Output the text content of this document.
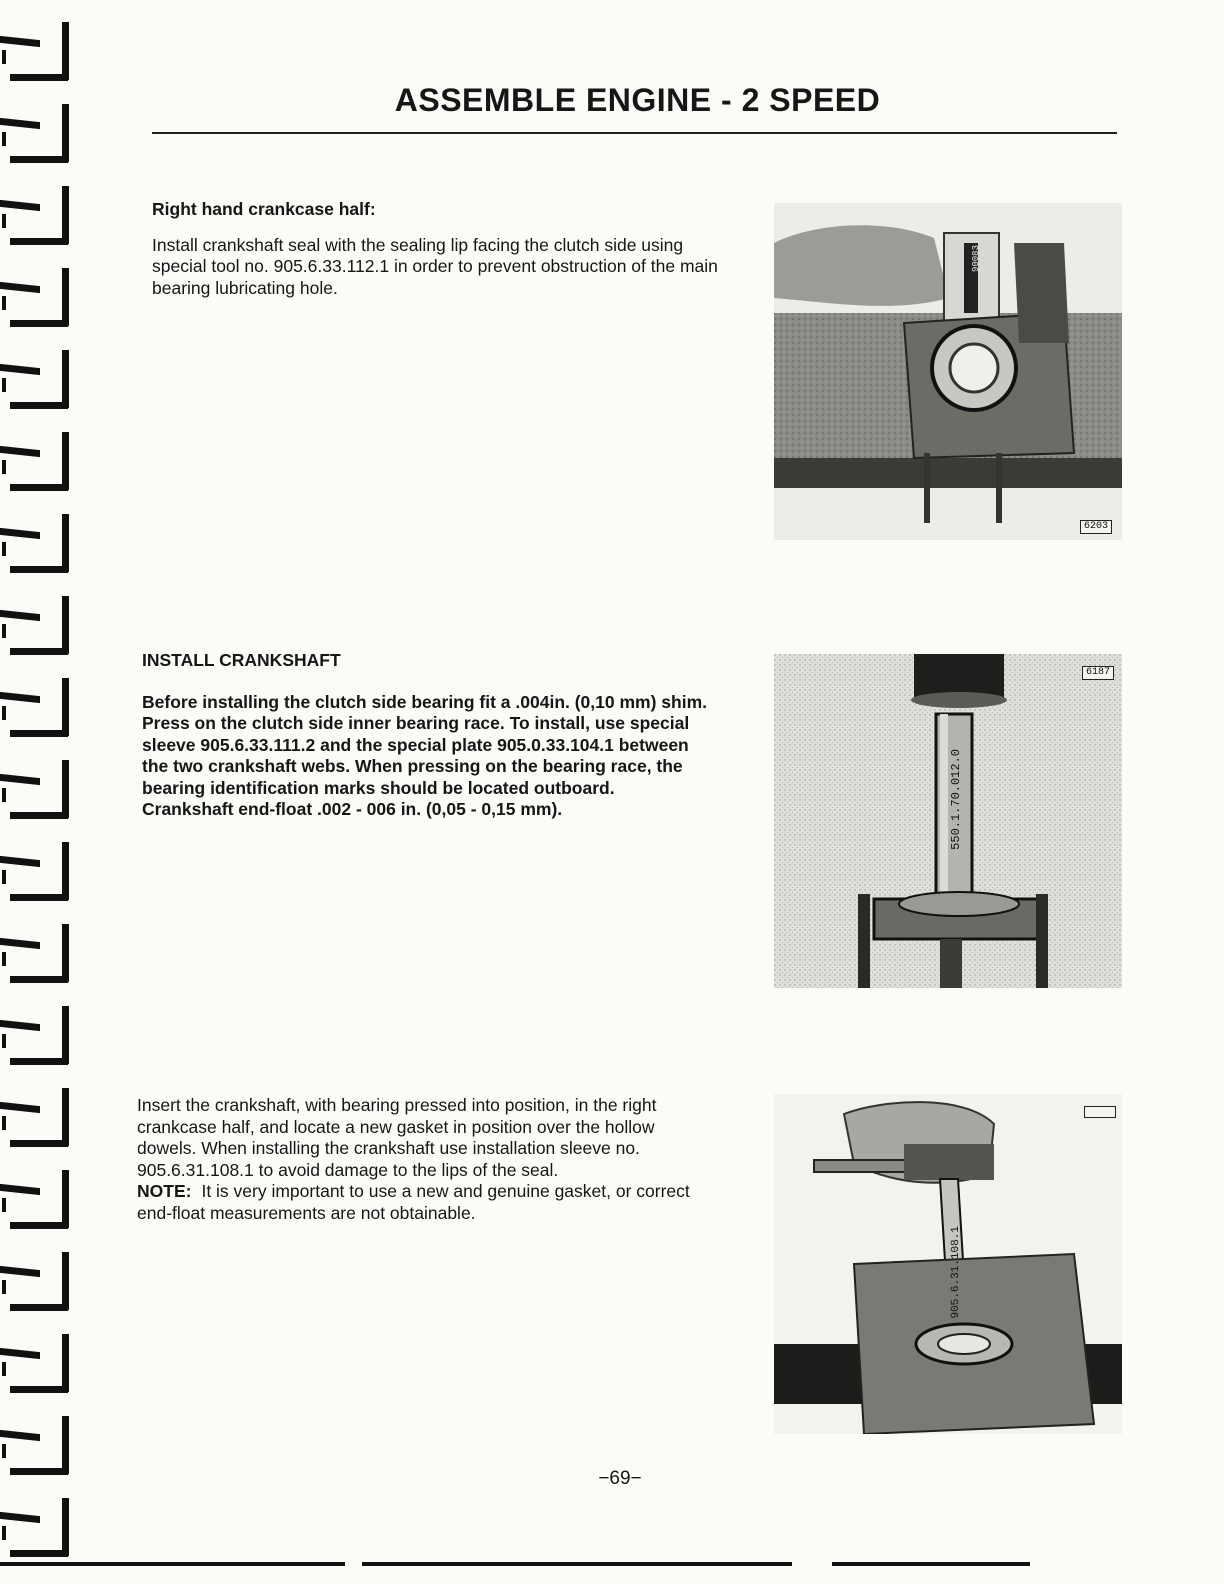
ASSEMBLE ENGINE - 2 SPEED
Right hand crankcase half:

Install crankshaft seal with the sealing lip facing the clutch side using special tool no. 905.6.33.112.1 in order to prevent obstruction of the main bearing lubricating hole.

6203
90083
INSTALL CRANKSHAFT

Before installing the clutch side bearing fit a .004in. (0,10 mm) shim.

Press on the clutch side inner bearing race. To install, use special sleeve 905.6.33.111.2 and the special plate 905.0.33.104.1 between the two crankshaft webs. When pressing on the bearing race, the bearing identification marks should be located outboard.

Crankshaft end-float .002 - 006 in. (0,05 - 0,15 mm).

6187
550.1.70.012.0

Insert the crankshaft, with bearing pressed into position, in the right crankcase half, and locate a new gasket in position over the hollow dowels. When installing the crankshaft use installation sleeve no. 905.6.31.108.1 to avoid damage to the lips of the seal.

NOTE: It is very important to use a new and genuine gasket, or correct end-float measurements are not obtainable.

905.6.31.108.1
−69−
